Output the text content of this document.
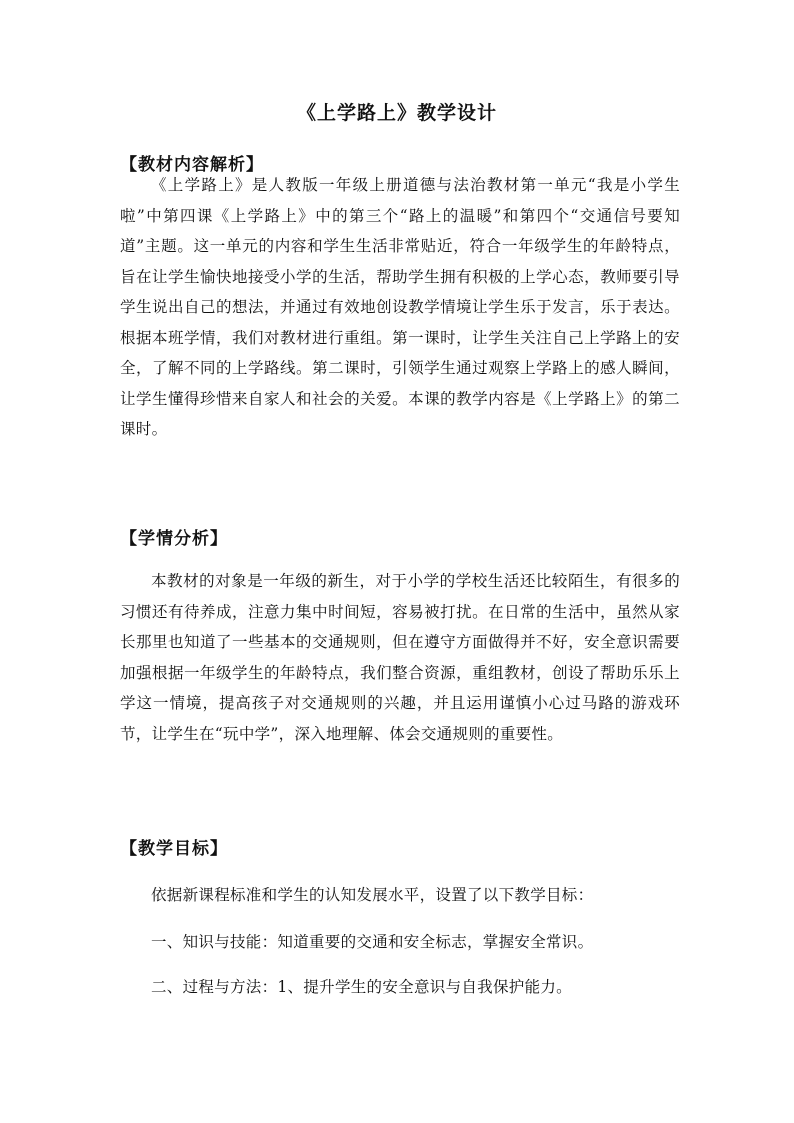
《上学路上》教学设计
【教材内容解析】
《上学路上》是人教版一年级上册道德与法治教材第一单元“我是小学生啦”中第四课《上学路上》中的第三个“路上的温暖”和第四个“交通信号要知道”主题。这一单元的内容和学生生活非常贴近，符合一年级学生的年龄特点，旨在让学生愉快地接受小学的生活，帮助学生拥有积极的上学心态，教师要引导学生说出自己的想法，并通过有效地创设教学情境让学生乐于发言，乐于表达。根据本班学情，我们对教材进行重组。第一课时，让学生关注自己上学路上的安全，了解不同的上学路线。第二课时，引领学生通过观察上学路上的感人瞬间，让学生懂得珍惜来自家人和社会的关爱。本课的教学内容是《上学路上》的第二课时。
【学情分析】
本教材的对象是一年级的新生，对于小学的学校生活还比较陌生，有很多的习惯还有待养成，注意力集中时间短，容易被打扰。在日常的生活中，虽然从家长那里也知道了一些基本的交通规则，但在遵守方面做得并不好，安全意识需要加强根据一年级学生的年龄特点，我们整合资源，重组教材，创设了帮助乐乐上学这一情境，提高孩子对交通规则的兴趣，并且运用谨慎小心过马路的游戏环节，让学生在“玩中学”，深入地理解、体会交通规则的重要性。
【教学目标】
依据新课程标准和学生的认知发展水平，设置了以下教学目标：
一、知识与技能：知道重要的交通和安全标志，掌握安全常识。
二、过程与方法：1、提升学生的安全意识与自我保护能力。
